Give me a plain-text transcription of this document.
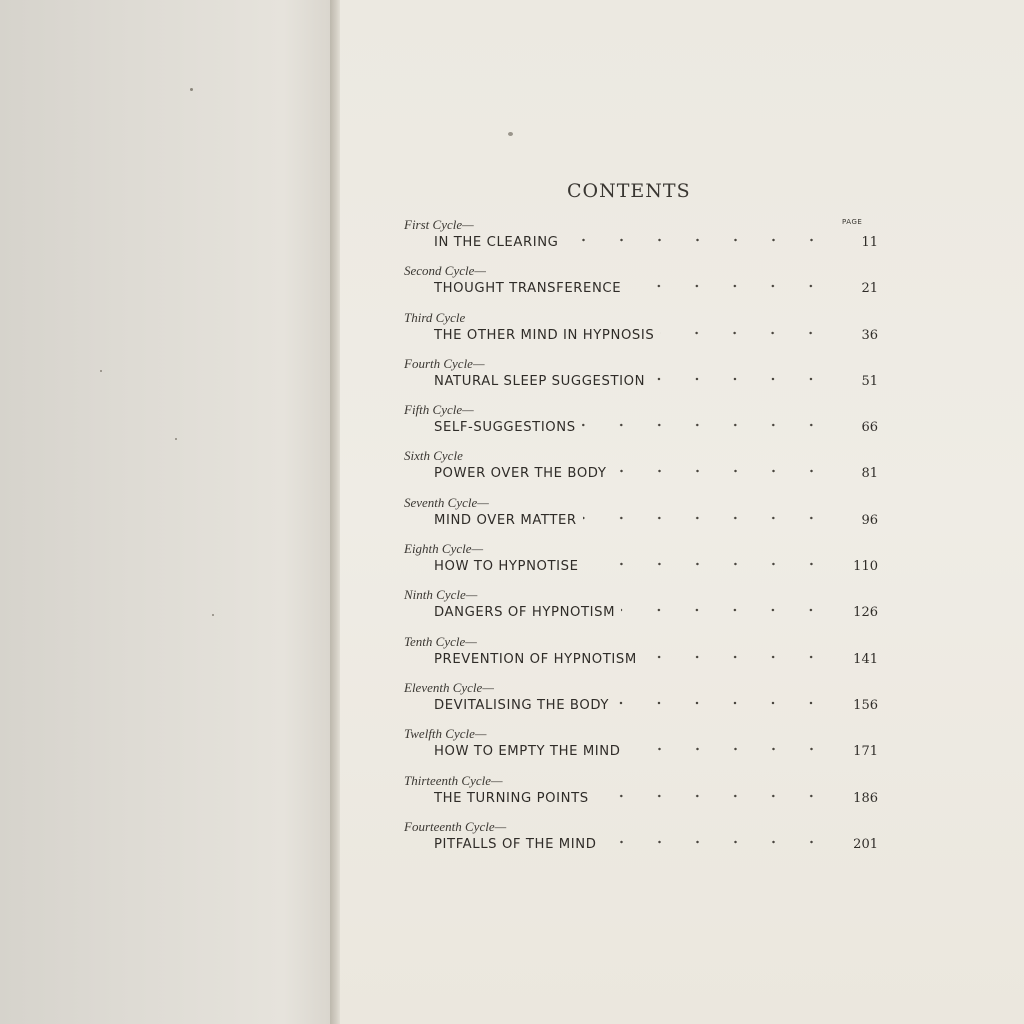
CONTENTS
PAGE
First Cycle—
IN THE CLEARING	11
Second Cycle—
THOUGHT TRANSFERENCE	21
Third Cycle
THE OTHER MIND IN HYPNOSIS	36
Fourth Cycle—
NATURAL SLEEP SUGGESTION	51
Fifth Cycle—
SELF-SUGGESTIONS	66
Sixth Cycle
POWER OVER THE BODY	81
Seventh Cycle—
MIND OVER MATTER	96
Eighth Cycle—
HOW TO HYPNOTISE	110
Ninth Cycle—
DANGERS OF HYPNOTISM	126
Tenth Cycle—
PREVENTION OF HYPNOTISM	141
Eleventh Cycle—
DEVITALISING THE BODY	156
Twelfth Cycle—
HOW TO EMPTY THE MIND	171
Thirteenth Cycle—
THE TURNING POINTS	186
Fourteenth Cycle—
PITFALLS OF THE MIND	201
